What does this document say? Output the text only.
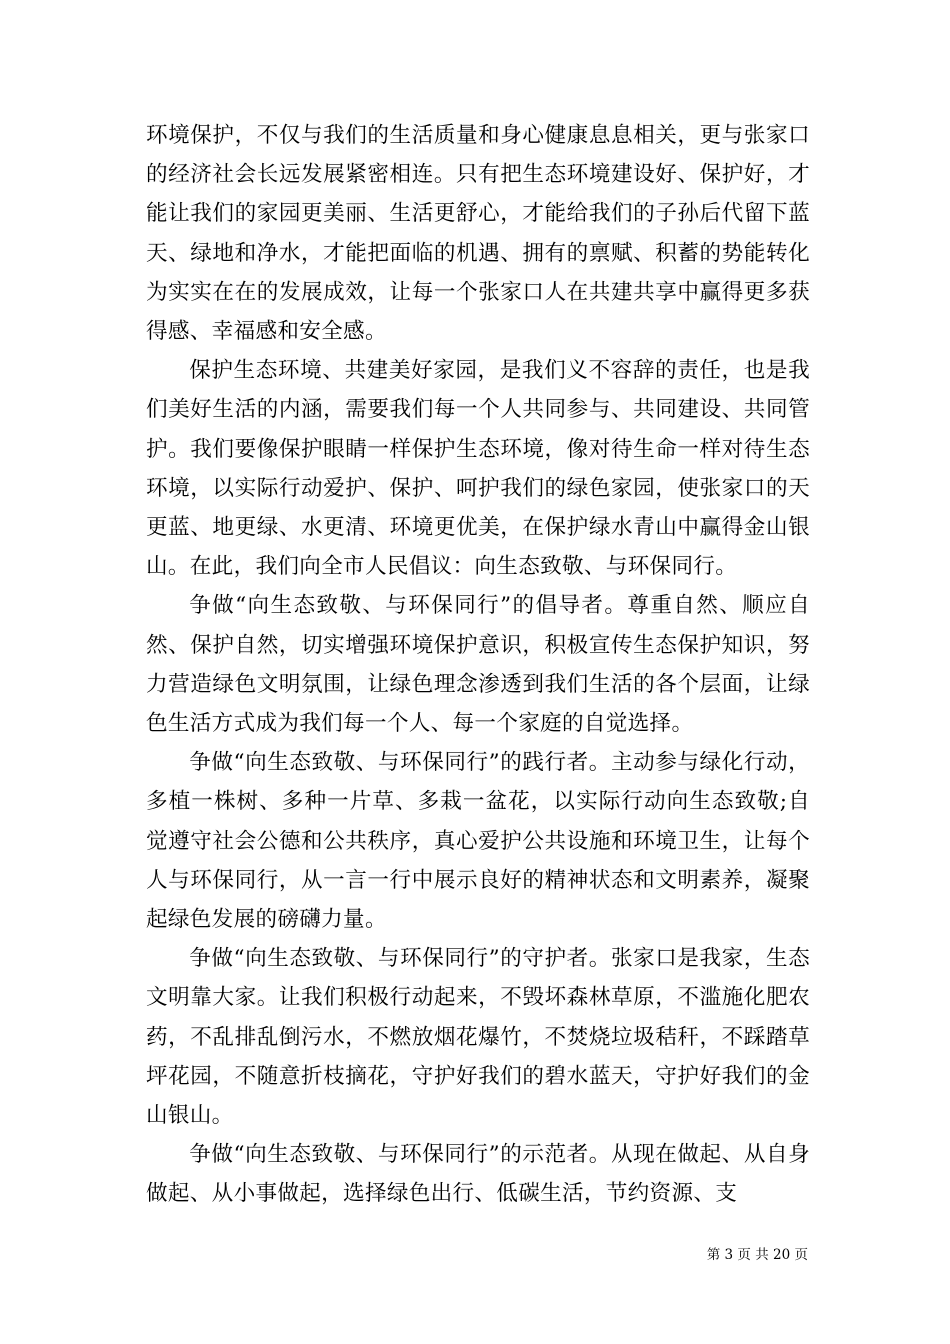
环境保护，不仅与我们的生活质量和身心健康息息相关，更与张家口的经济社会长远发展紧密相连。只有把生态环境建设好、保护好，才能让我们的家园更美丽、生活更舒心，才能给我们的子孙后代留下蓝天、绿地和净水，才能把面临的机遇、拥有的禀赋、积蓄的势能转化为实实在在的发展成效，让每一个张家口人在共建共享中赢得更多获得感、幸福感和安全感。

保护生态环境、共建美好家园，是我们义不容辞的责任，也是我们美好生活的内涵，需要我们每一个人共同参与、共同建设、共同管护。我们要像保护眼睛一样保护生态环境，像对待生命一样对待生态环境，以实际行动爱护、保护、呵护我们的绿色家园，使张家口的天更蓝、地更绿、水更清、环境更优美，在保护绿水青山中赢得金山银山。在此，我们向全市人民倡议：向生态致敬、与环保同行。

争做“向生态致敬、与环保同行”的倡导者。尊重自然、顺应自然、保护自然，切实增强环境保护意识，积极宣传生态保护知识，努力营造绿色文明氛围，让绿色理念渗透到我们生活的各个层面，让绿色生活方式成为我们每一个人、每一个家庭的自觉选择。

争做“向生态致敬、与环保同行”的践行者。主动参与绿化行动，多植一株树、多种一片草、多栽一盆花，以实际行动向生态致敬;自觉遵守社会公德和公共秩序，真心爱护公共设施和环境卫生，让每个人与环保同行，从一言一行中展示良好的精神状态和文明素养，凝聚起绿色发展的磅礴力量。

争做“向生态致敬、与环保同行”的守护者。张家口是我家，生态文明靠大家。让我们积极行动起来，不毁坏森林草原，不滥施化肥农药，不乱排乱倒污水，不燃放烟花爆竹，不焚烧垃圾秸秆，不踩踏草坪花园，不随意折枝摘花，守护好我们的碧水蓝天，守护好我们的金山银山。

争做“向生态致敬、与环保同行”的示范者。从现在做起、从自身做起、从小事做起，选择绿色出行、低碳生活，节约资源、支

第 3 页 共 20 页
